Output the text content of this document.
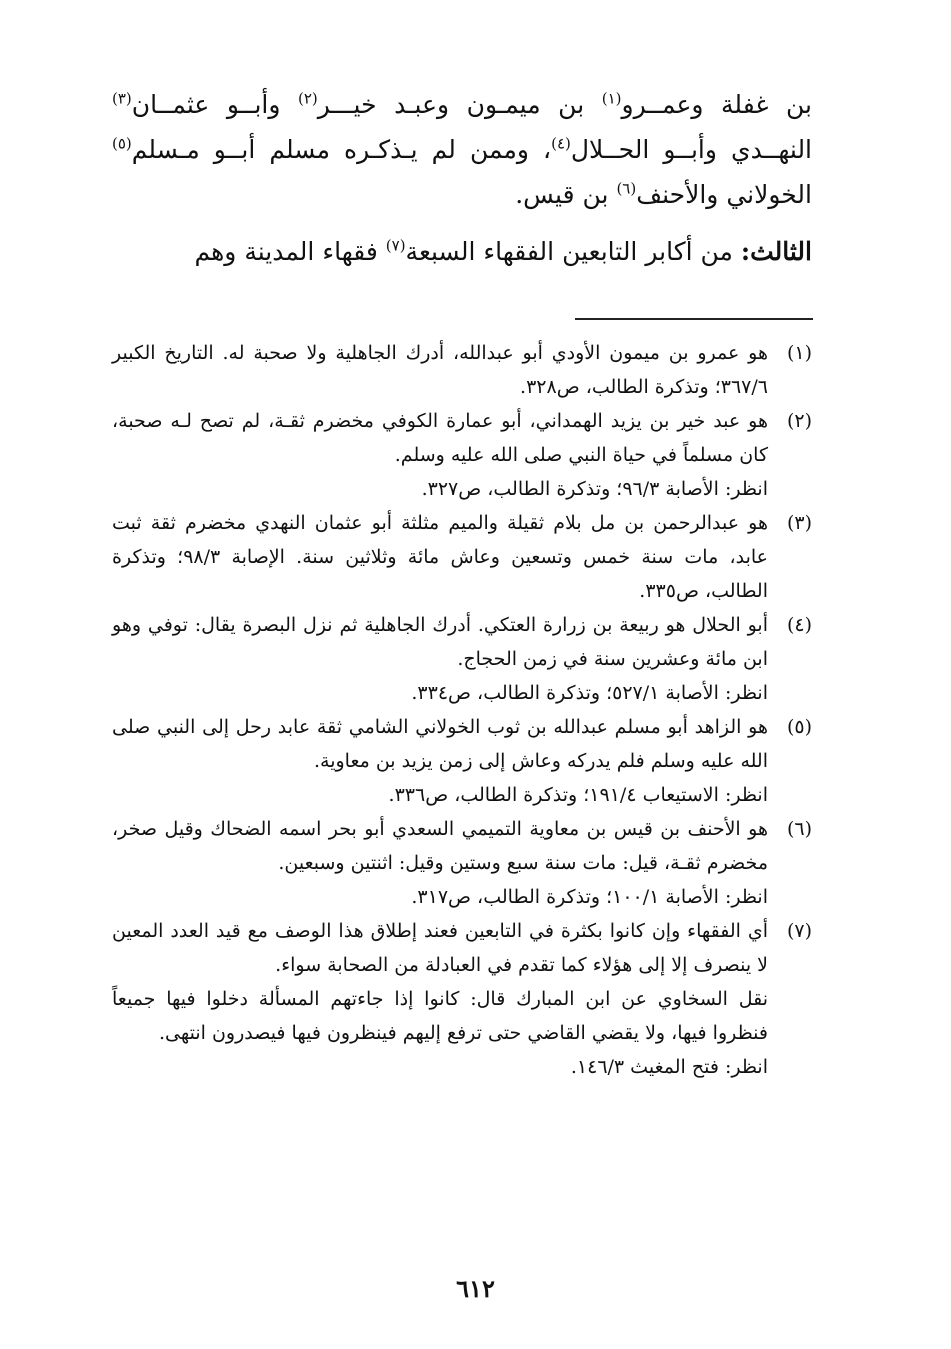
بن غفلة وعمــرو$^{(١)}$ بن ميمـون وعبـد خيـــر$^{(٢)}$ وأبــو عثمــان$^{(٣)}$ النهــدي وأبــو الحــلال$^{(٤)}$، وممن لم يـذكـره مسلم أبــو مـسلم$^{(٥)}$ الخولاني والأحنف$^{(٦)}$ بن قيس.

الثالث: من أكابر التابعين الفقهاء السبعة$^{(٧)}$ فقهاء المدينة وهم

(١)
هو عمرو بن ميمون الأودي أبو عبدالله، أدرك الجاهلية ولا صحبة له. التاريخ الكبير ٣٦٧/٦؛ وتذكرة الطالب، ص٣٢٨.
(٢)
هو عبد خير بن يزيد الهمداني، أبو عمارة الكوفي مخضرم ثقـة، لم تصح لـه صحبة، كان مسلماً في حياة النبي صلى الله عليه وسلم.
انظر: الأصابة ٩٦/٣؛ وتذكرة الطالب، ص٣٢٧.
(٣)
هو عبدالرحمن بن مل بلام ثقيلة والميم مثلثة أبو عثمان النهدي مخضرم ثقة ثبت عابد، مات سنة خمس وتسعين وعاش مائة وثلاثين سنة. الإصابة ٩٨/٣؛ وتذكرة الطالب، ص٣٣٥.
(٤)
أبو الحلال هو ربيعة بن زرارة العتكي. أدرك الجاهلية ثم نزل البصرة يقال: توفي وهو ابن مائة وعشرين سنة في زمن الحجاج.
انظر: الأصابة ٥٢٧/١؛ وتذكرة الطالب، ص٣٣٤.
(٥)
هو الزاهد أبو مسلم عبدالله بن ثوب الخولاني الشامي ثقة عابد رحل إلى النبي صلى الله عليه وسلم فلم يدركه وعاش إلى زمن يزيد بن معاوية.
انظر: الاستيعاب ١٩١/٤؛ وتذكرة الطالب، ص٣٣٦.
(٦)
هو الأحنف بن قيس بن معاوية التميمي السعدي أبو بحر اسمه الضحاك وقيل صخر، مخضرم ثقـة، قيل: مات سنة سبع وستين وقيل: اثنتين وسبعين.
انظر: الأصابة ١٠٠/١؛ وتذكرة الطالب، ص٣١٧.
(٧)
أي الفقهاء وإن كانوا بكثرة في التابعين فعند إطلاق هذا الوصف مع قيد العدد المعين لا ينصرف إلا إلى هؤلاء كما تقدم في العبادلة من الصحابة سواء.
نقل السخاوي عن ابن المبارك قال: كانوا إذا جاءتهم المسألة دخلوا فيها جميعاً فنظروا فيها، ولا يقضي القاضي حتى ترفع إليهم فينظرون فيها فيصدرون انتهى.
انظر: فتح المغيث ١٤٦/٣.
٦١٢
